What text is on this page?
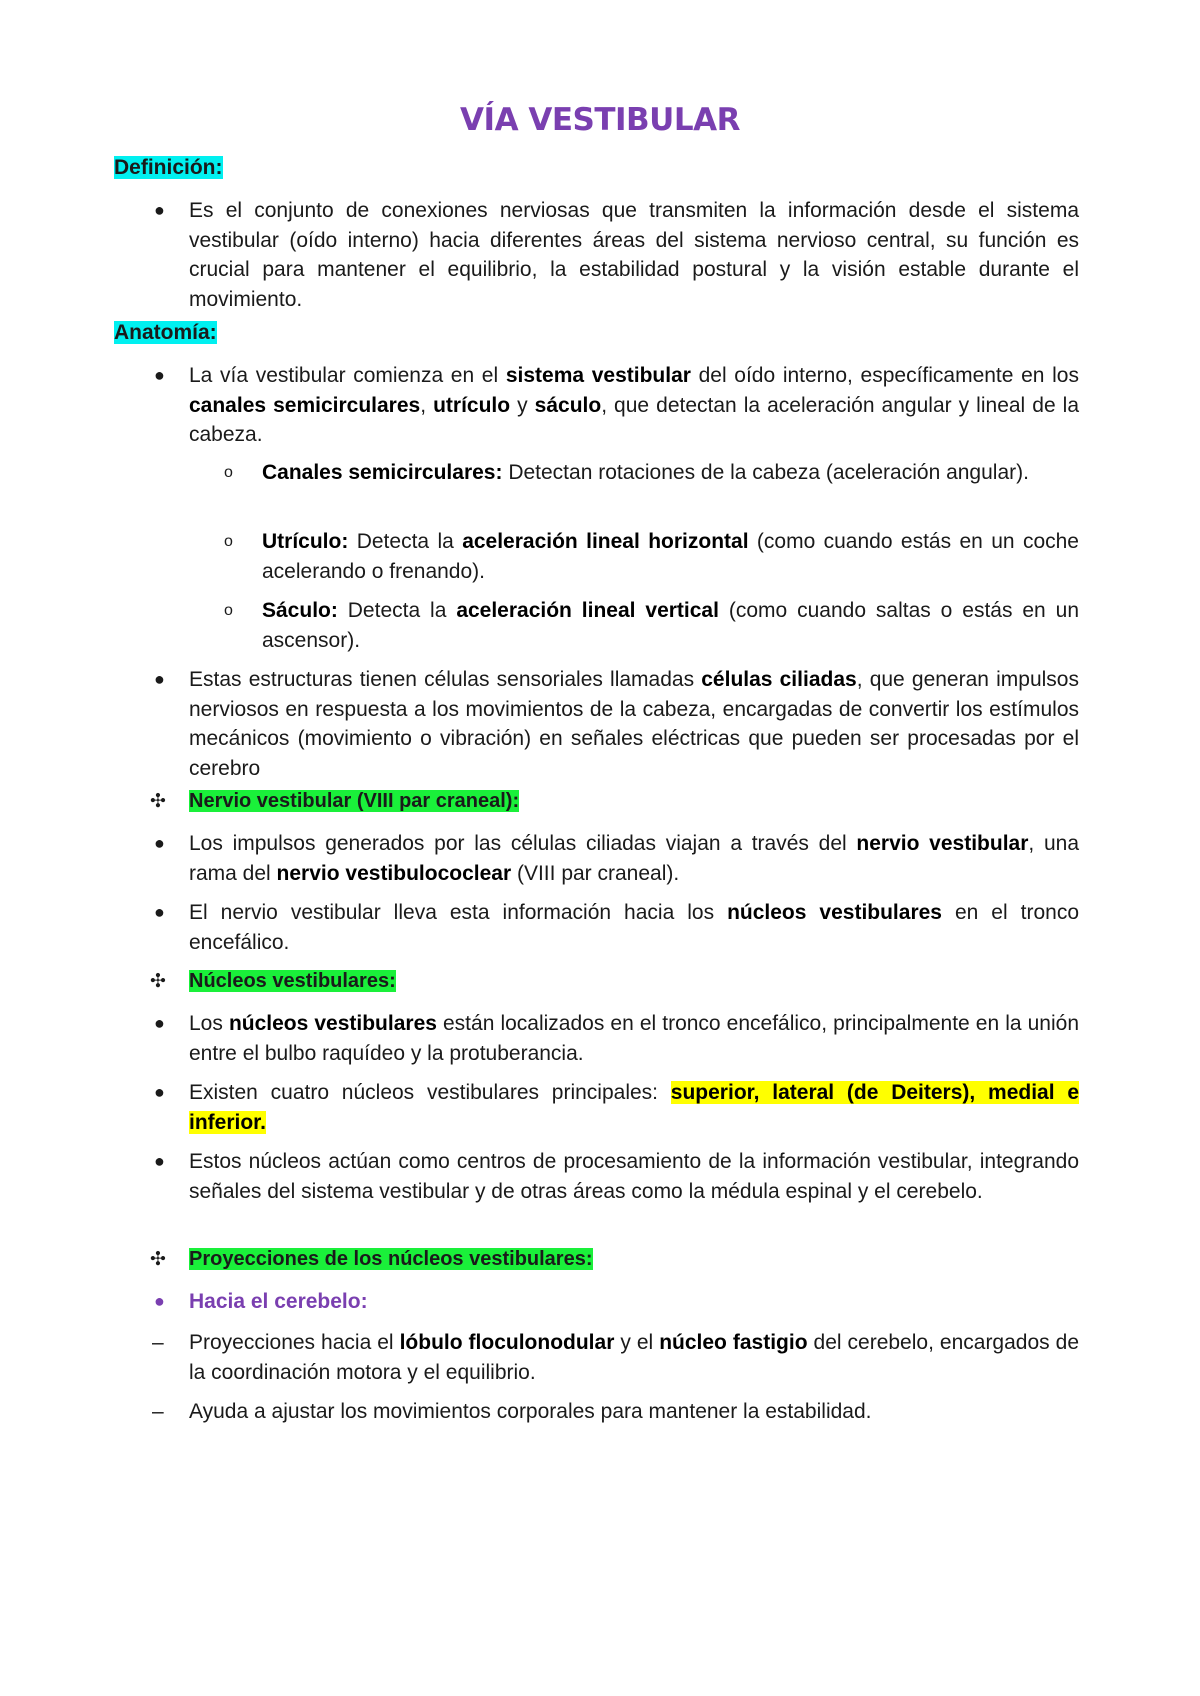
VÍA VESTIBULAR
Definición:
● Es el conjunto de conexiones nerviosas que transmiten la información desde el sistema vestibular (oído interno) hacia diferentes áreas del sistema nervioso central, su función es crucial para mantener el equilibrio, la estabilidad postural y la visión estable durante el movimiento.
Anatomía:
● La vía vestibular comienza en el sistema vestibular del oído interno, específicamente en los canales semicirculares, utrículo y sáculo, que detectan la aceleración angular y lineal de la cabeza.
o Canales semicirculares: Detectan rotaciones de la cabeza (aceleración angular).
o Utrículo: Detecta la aceleración lineal horizontal (como cuando estás en un coche acelerando o frenando).
o Sáculo: Detecta la aceleración lineal vertical (como cuando saltas o estás en un ascensor).
● Estas estructuras tienen células sensoriales llamadas células ciliadas, que generan impulsos nerviosos en respuesta a los movimientos de la cabeza, encargadas de convertir los estímulos mecánicos (movimiento o vibración) en señales eléctricas que pueden ser procesadas por el cerebro
✣ Nervio vestibular (VIII par craneal):
● Los impulsos generados por las células ciliadas viajan a través del nervio vestibular, una rama del nervio vestibulococlear (VIII par craneal).
● El nervio vestibular lleva esta información hacia los núcleos vestibulares en el tronco encefálico.
✣ Núcleos vestibulares:
● Los núcleos vestibulares están localizados en el tronco encefálico, principalmente en la unión entre el bulbo raquídeo y la protuberancia.
● Existen cuatro núcleos vestibulares principales: superior, lateral (de Deiters), medial e inferior.
● Estos núcleos actúan como centros de procesamiento de la información vestibular, integrando señales del sistema vestibular y de otras áreas como la médula espinal y el cerebelo.
✣ Proyecciones de los núcleos vestibulares:
● Hacia el cerebelo:
– Proyecciones hacia el lóbulo floculonodular y el núcleo fastigio del cerebelo, encargados de la coordinación motora y el equilibrio.
– Ayuda a ajustar los movimientos corporales para mantener la estabilidad.
